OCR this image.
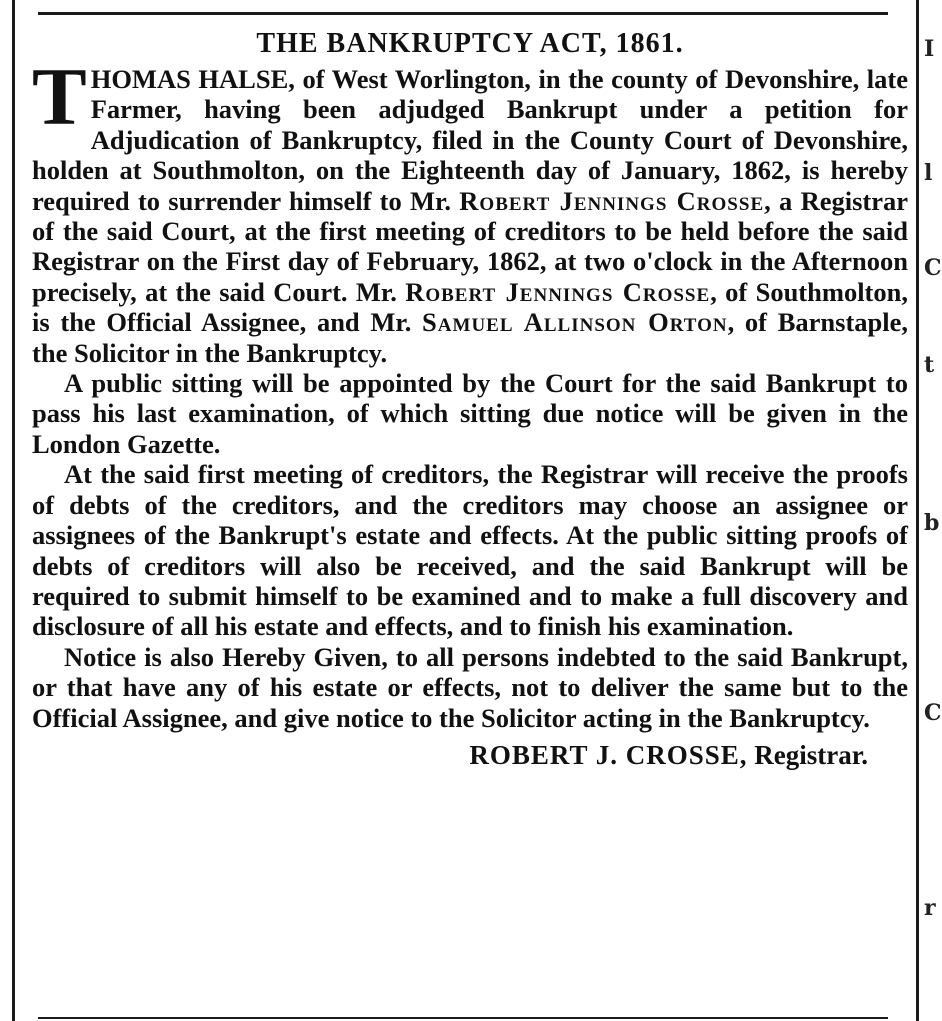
I
l
C
t
b
C
r
THE BANKRUPTCY ACT, 1861.

THOMAS HALSE, of West Worlington, in the county of Devonshire, late Farmer, having been adjudged Bankrupt under a petition for Adjudication of Bankruptcy, filed in the County Court of Devonshire, holden at Southmolton, on the Eighteenth day of January, 1862, is hereby required to surrender himself to Mr. Robert Jennings Crosse, a Registrar of the said Court, at the first meeting of creditors to be held before the said Registrar on the First day of February, 1862, at two o'clock in the Afternoon precisely, at the said Court. Mr. Robert Jennings Crosse, of Southmolton, is the Official Assignee, and Mr. Samuel Allinson Orton, of Barnstaple, the Solicitor in the Bankruptcy.

A public sitting will be appointed by the Court for the said Bankrupt to pass his last examination, of which sitting due notice will be given in the London Gazette.

At the said first meeting of creditors, the Registrar will receive the proofs of debts of the creditors, and the creditors may choose an assignee or assignees of the Bankrupt's estate and effects. At the public sitting proofs of debts of creditors will also be received, and the said Bankrupt will be required to submit himself to be examined and to make a full discovery and disclosure of all his estate and effects, and to finish his examination.

Notice is also Hereby Given, to all persons indebted to the said Bankrupt, or that have any of his estate or effects, not to deliver the same but to the Official Assignee, and give notice to the Solicitor acting in the Bankruptcy.

ROBERT J. CROSSE, Registrar.
